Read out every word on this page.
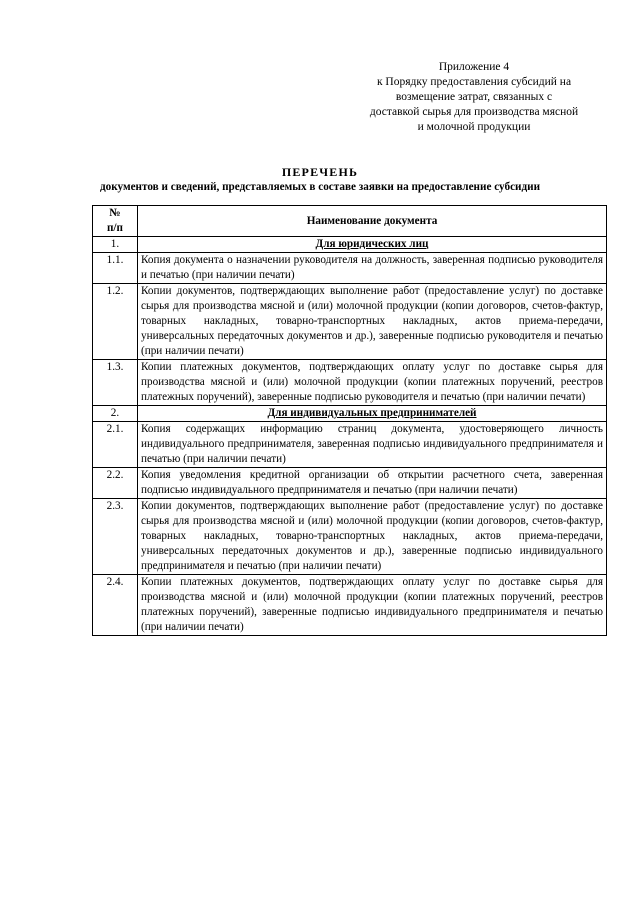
Приложение 4
к Порядку предоставления субсидий на
возмещение затрат, связанных с
доставкой сырья для производства мясной
и молочной продукции
ПЕРЕЧЕНЬ
документов и сведений, представляемых в составе заявки на предоставление субсидии
№
п/п	Наименование документа
1.	Для юридических лиц
1.1.	Копия документа о назначении руководителя на должность, заверенная подписью руководителя и печатью (при наличии печати)
1.2.	Копии документов, подтверждающих выполнение работ (предоставление услуг) по доставке сырья для производства мясной и (или) молочной продукции (копии договоров, счетов-фактур, товарных накладных, товарно-транспортных накладных, актов приема-передачи, универсальных передаточных документов и др.), заверенные подписью руководителя и печатью (при наличии печати)
1.3.	Копии платежных документов, подтверждающих оплату услуг по доставке сырья для производства мясной и (или) молочной продукции (копии платежных поручений, реестров платежных поручений), заверенные подписью руководителя и печатью (при наличии печати)
2.	Для индивидуальных предпринимателей
2.1.	Копия содержащих информацию страниц документа, удостоверяющего личность индивидуального предпринимателя, заверенная подписью индивидуального предпринимателя и печатью (при наличии печати)
2.2.	Копия уведомления кредитной организации об открытии расчетного счета, заверенная подписью индивидуального предпринимателя и печатью (при наличии печати)
2.3.	Копии документов, подтверждающих выполнение работ (предоставление услуг) по доставке сырья для производства мясной и (или) молочной продукции (копии договоров, счетов-фактур, товарных накладных, товарно-транспортных накладных, актов приема-передачи, универсальных передаточных документов и др.), заверенные подписью индивидуального предпринимателя и печатью (при наличии печати)
2.4.	Копии платежных документов, подтверждающих оплату услуг по доставке сырья для производства мясной и (или) молочной продукции (копии платежных поручений, реестров платежных поручений), заверенные подписью индивидуального предпринимателя и печатью (при наличии печати)
